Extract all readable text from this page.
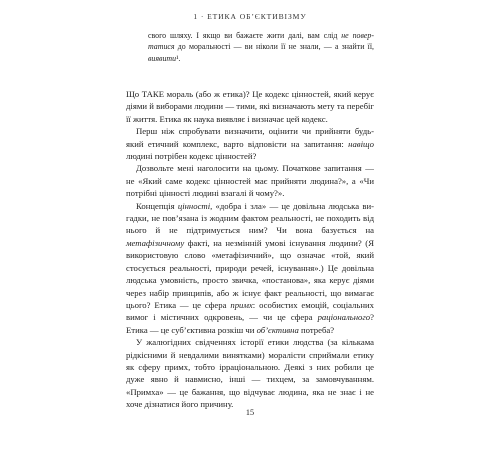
1 · ЕТИКА ОБ’ЄКТИВІЗМУ

свого шляху. І якщо ви бажаєте жити далі, вам слід не повертатися до моральності — ви ніколи її не знали, — а знайти її, виявити¹.

Що ТАКЕ мораль (або ж етика)? Це кодекс цінностей, який керує діями й виборами людини — тими, які визначають мету та перебіг її життя. Етика як наука виявляє і визначає цей кодекс.

Перш ніж спробувати визначити, оцінити чи прийняти будь-який етичний комплекс, варто відповісти на запитання: навіщо людині потрібен кодекс цінностей?

Дозвольте мені наголосити на цьому. Початкове запитання — не «Який саме кодекс цінностей має прийняти людина?», а «Чи потрібні цінності людині взагалі й чому?».

Концепція цінності, «добра і зла» — це довільна людська вигадки, не пов’язана із жодним фактом реальності, не походить від нього й не підтримується ним? Чи вона базується на метафізичному факті, на незмінній умові існування людини? (Я використовую слово «метафізичний», що означає «той, який стосується реальності, природи речей, існування».) Це довільна людська умовність, просто звичка, «постанова», яка керує діями через набір принципів, або ж існує факт реальності, що вимагає цього? Етика — це сфера примх: особистих емоцій, соціальних вимог і містичних одкровень, — чи це сфера раціонального? Етика — це суб’єктивна розкіш чи об’єктивна потреба?

У жалюгідних свідченнях історії етики людства (за кількама рідкісними й невдалими винятками) моралісти сприймали етику як сферу примх, тобто ірраціональною. Деякі з них робили це дуже явно й навмисно, інші — тихцем, за замовчуванням. «Примха» — це бажання, що відчуває людина, яка не знає і не хоче дізнатися його причину.

15
